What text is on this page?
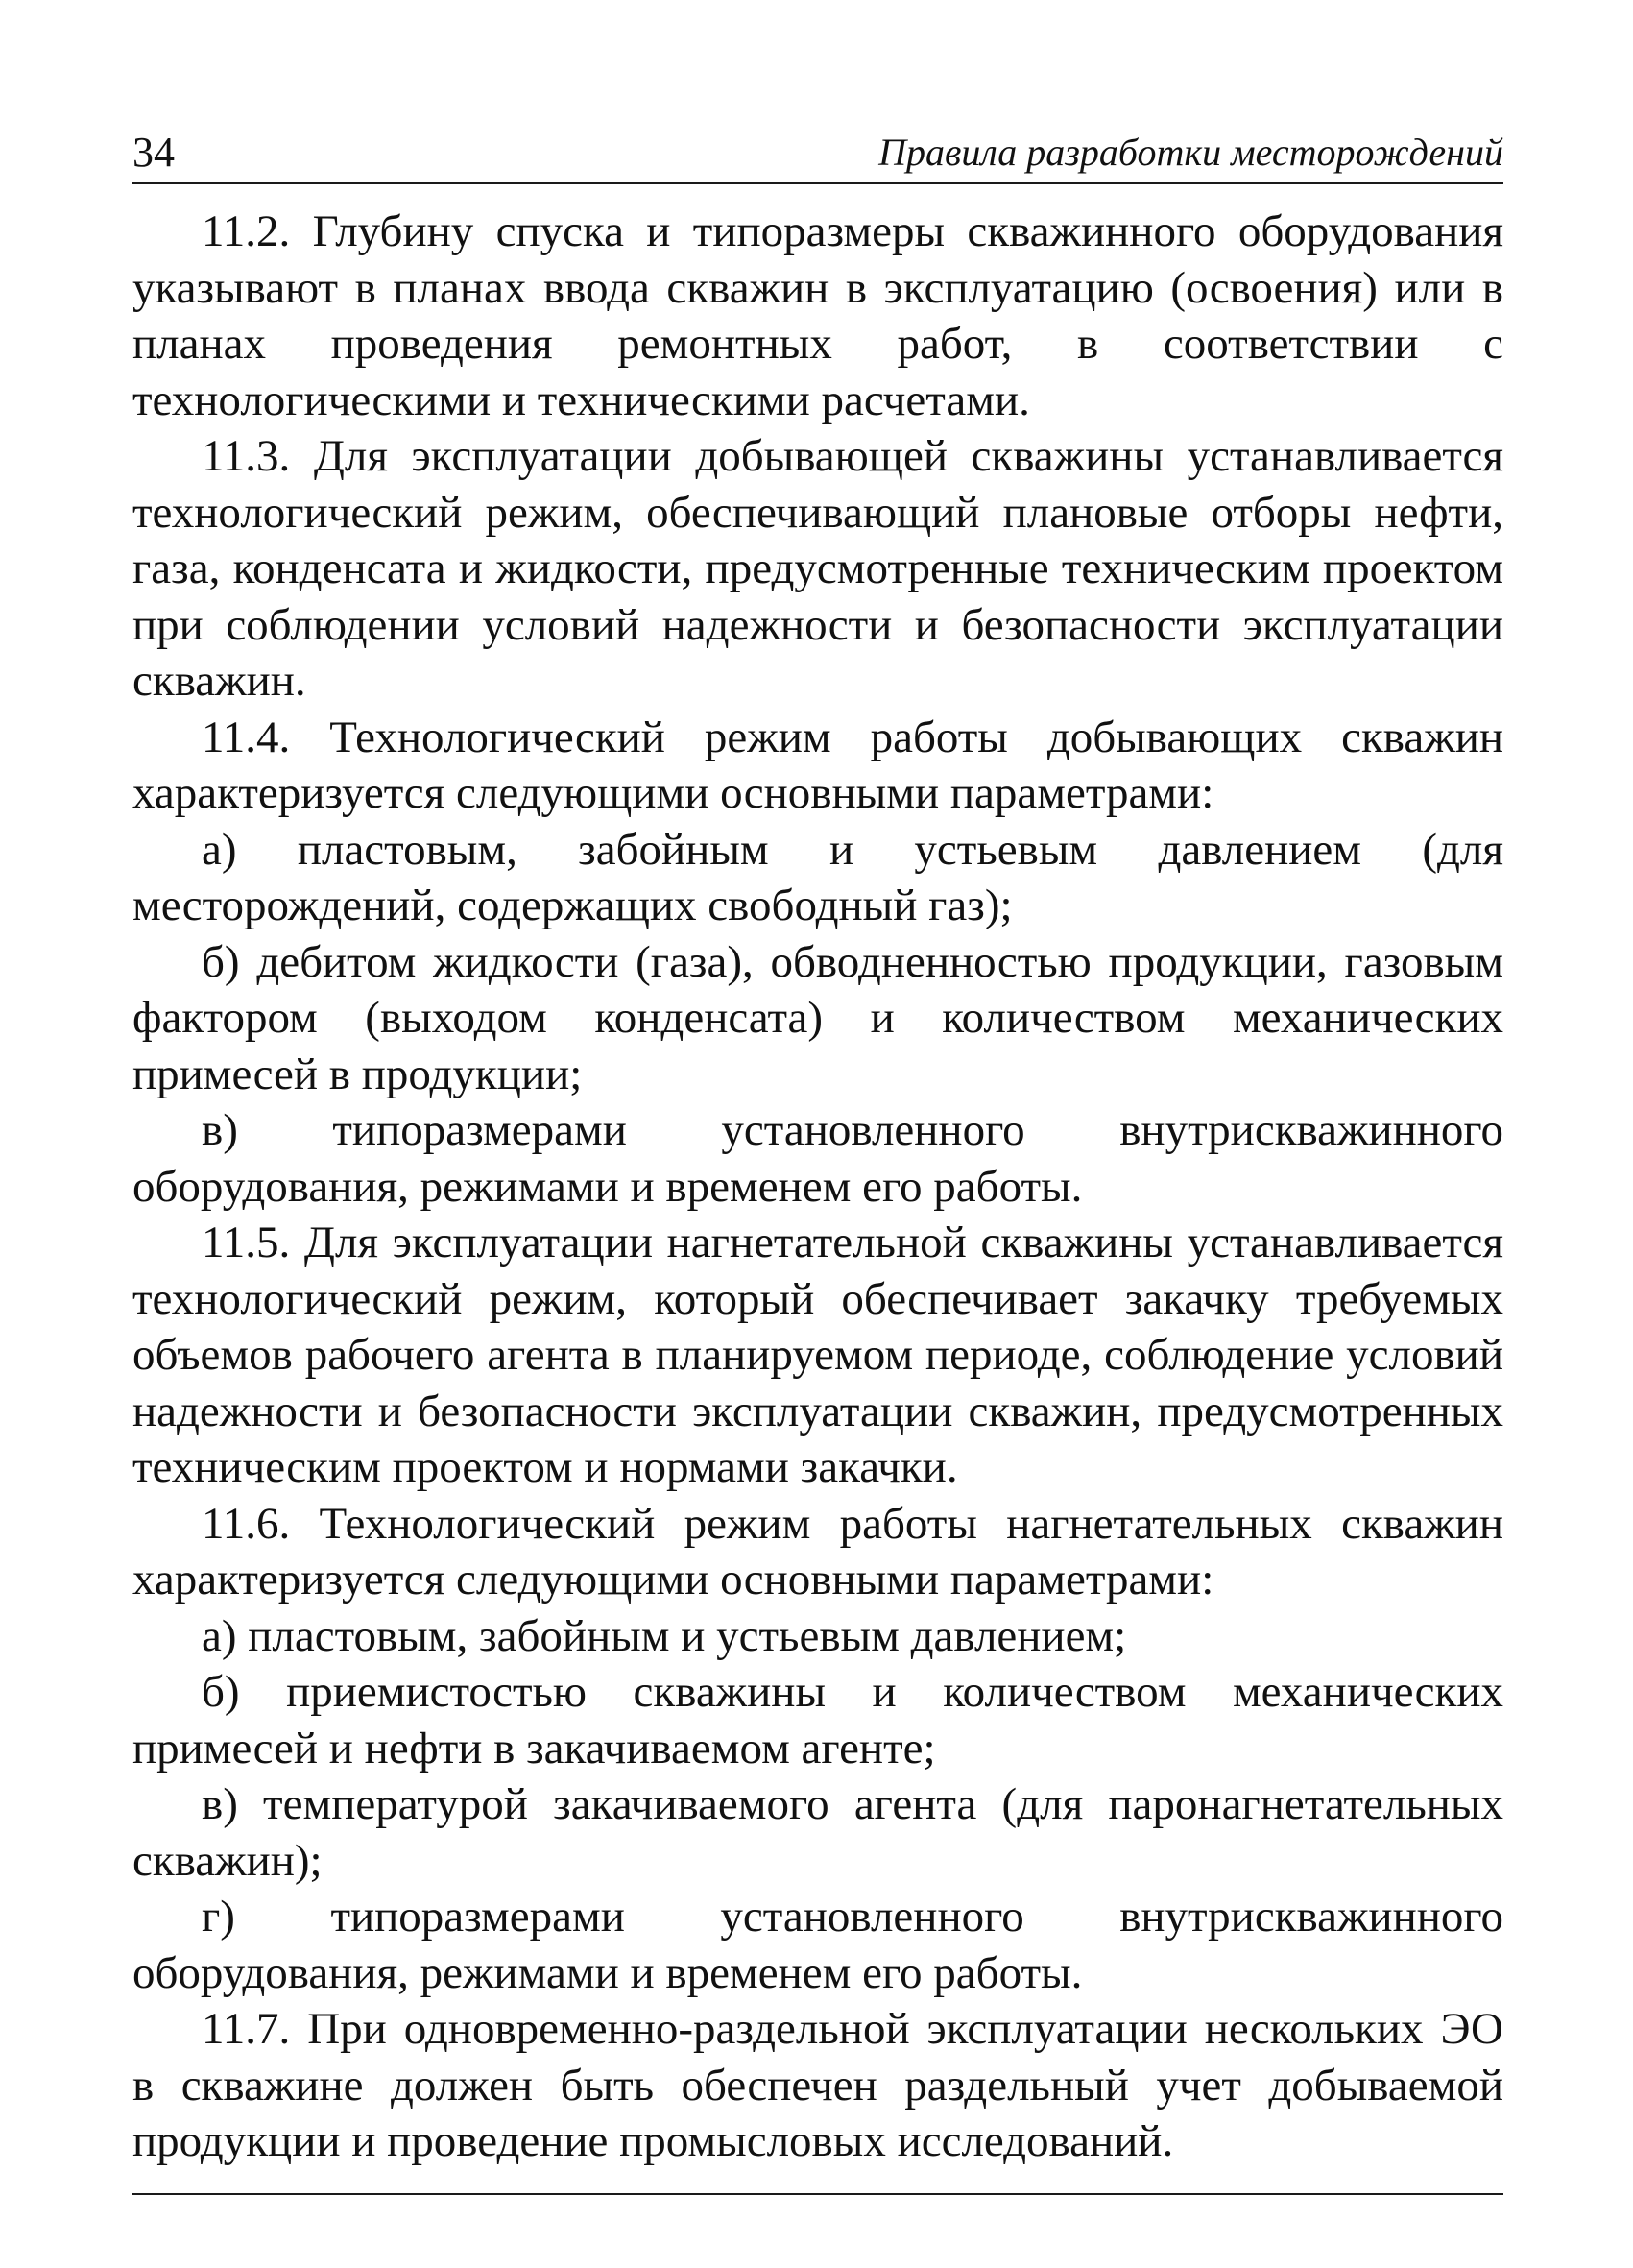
34	Правила разработки месторождений

11.2. Глубину спуска и типоразмеры скважинного оборудования указывают в планах ввода скважин в эксплуатацию (освоения) или в планах проведения ремонтных работ, в соответствии с технологическими и техническими расчетами.

11.3. Для эксплуатации добывающей скважины устанавливается технологический режим, обеспечивающий плановые отборы нефти, газа, конденсата и жидкости, предусмотренные техническим проектом при соблюдении условий надежности и безопасности эксплуатации скважин.

11.4. Технологический режим работы добывающих скважин характеризуется следующими основными параметрами:

а) пластовым, забойным и устьевым давлением (для месторождений, содержащих свободный газ);

б) дебитом жидкости (газа), обводненностью продукции, газовым фактором (выходом конденсата) и количеством механических примесей в продукции;

в) типоразмерами установленного внутрискважинного оборудования, режимами и временем его работы.

11.5. Для эксплуатации нагнетательной скважины устанавливается технологический режим, который обеспечивает закачку требуемых объемов рабочего агента в планируемом периоде, соблюдение условий надежности и безопасности эксплуатации скважин, предусмотренных техническим проектом и нормами закачки.

11.6. Технологический режим работы нагнетательных скважин характеризуется следующими основными параметрами:

а) пластовым, забойным и устьевым давлением;

б) приемистостью скважины и количеством механических примесей и нефти в закачиваемом агенте;

в) температурой закачиваемого агента (для паронагнетательных скважин);

г) типоразмерами установленного внутрискважинного оборудования, режимами и временем его работы.

11.7. При одновременно-раздельной эксплуатации нескольких ЭО в скважине должен быть обеспечен раздельный учет добываемой продукции и проведение промысловых исследований.
